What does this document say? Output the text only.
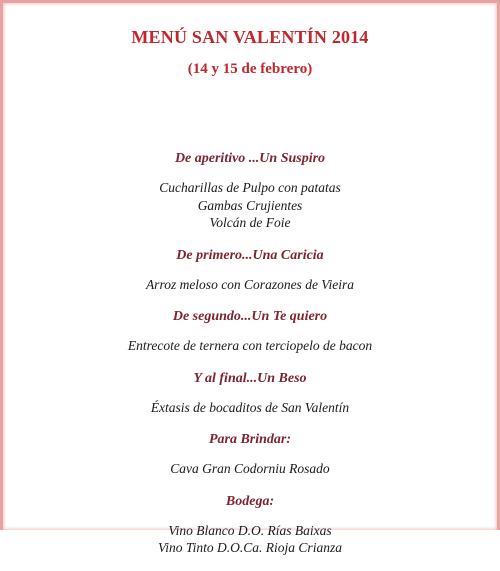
MENÚ SAN VALENTÍN 2014
(14 y 15 de febrero)
De aperitivo ...Un Suspiro
Cucharillas de Pulpo con patatas
Gambas Crujientes
Volcán de Foie
De primero...Una Caricia
Arroz meloso con Corazones de Vieira
De segundo...Un Te quiero
Entrecote de ternera con terciopelo de bacon
Y al final...Un Beso
Éxtasis de bocaditos de San Valentín
Para Brindar:
Cava Gran Codorniu Rosado
Bodega:
Vino Blanco D.O. Rías Baixas
Vino Tinto D.O.Ca. Rioja Crianza
